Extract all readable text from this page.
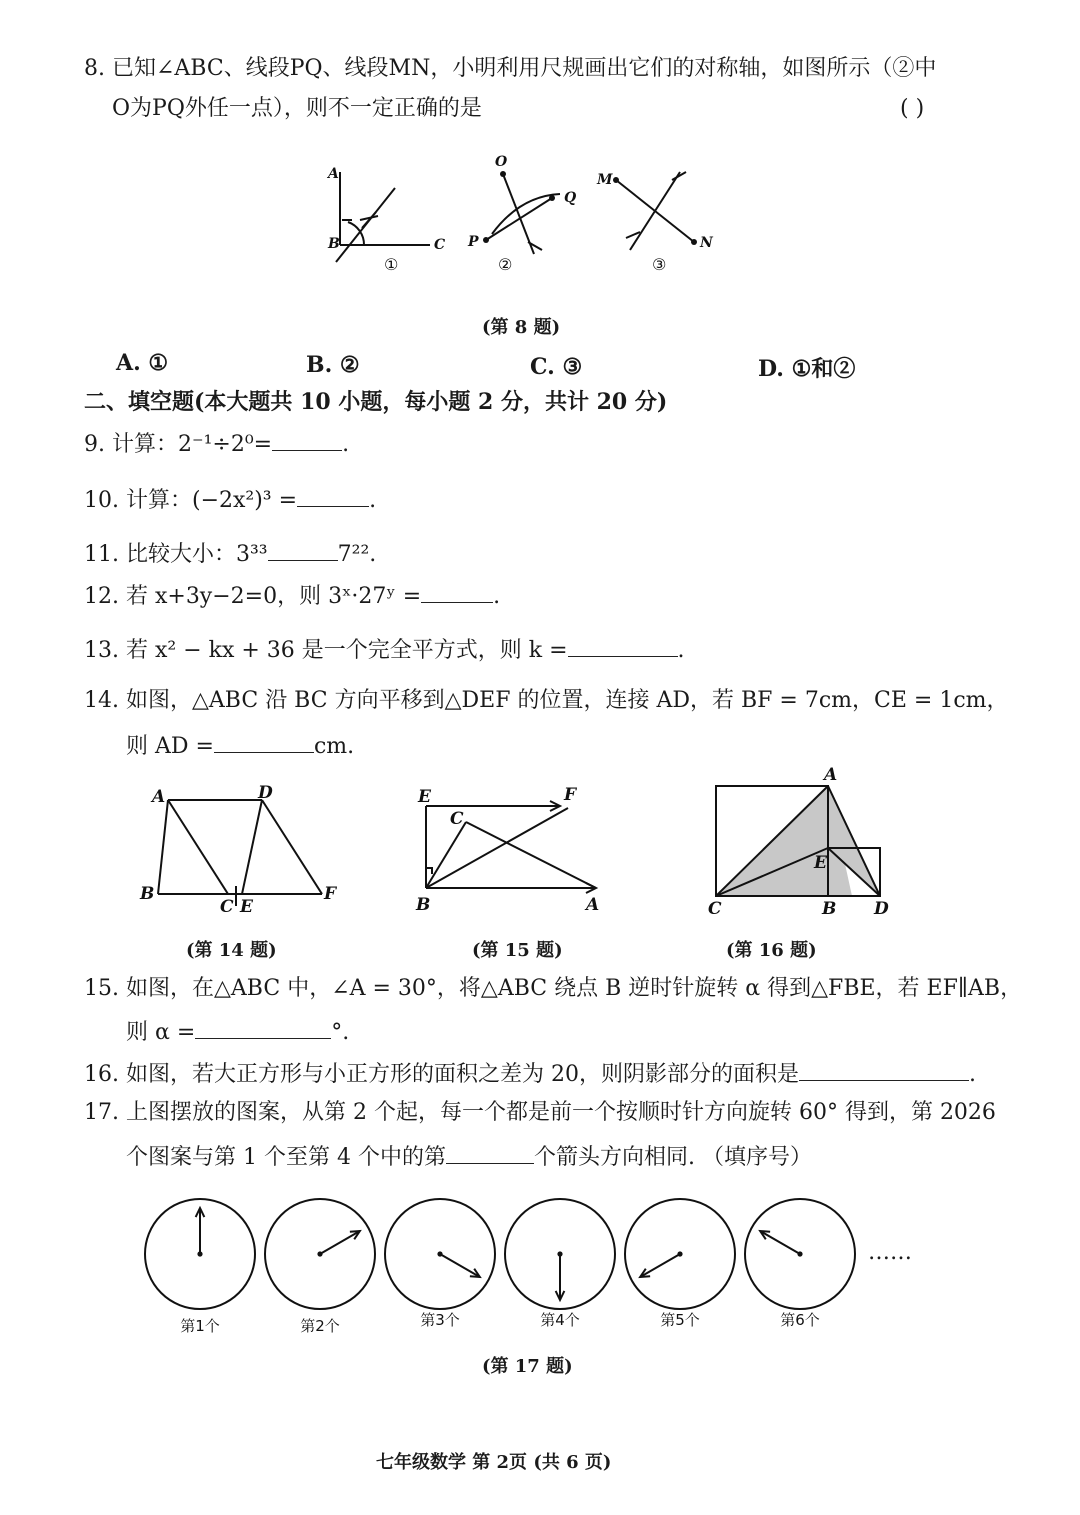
8. 已知∠ABC、线段PQ、线段MN，小明利用尺规画出它们的对称轴，如图所示（②中
O为PQ外任一点），则不一定正确的是	( )
A
B	C
①
O
P
Q
②
M
N
③
(第 8 题)
A. ①	B. ②	C. ③	D. ①和②
二、填空题(本大题共 10 小题，每小题 2 分，共计 20 分)
9. 计算：2⁻¹÷2⁰=	.
10. 计算：(−2x²)³ =	.
11. 比较大小：3³³	7²².
12. 若 x+3y−2=0，则 3ˣ·27ʸ =	.
13. 若 x² − kx + 36 是一个完全平方式，则 k =	.
14. 如图，△ABC 沿 BC 方向平移到△DEF 的位置，连接 AD，若 BF = 7cm，CE = 1cm，
则 AD =	cm.
A	D
B
C E
F
(第 14 题)
E	F
C
B	A
(第 15 题)
A
E
C	B D
(第 16 题)
15. 如图，在△ABC 中，∠A = 30°，将△ABC 绕点 B 逆时针旋转 α 得到△FBE，若 EF∥AB，
则 α =	°.
16. 如图，若大正方形与小正方形的面积之差为 20，则阴影部分的面积是	.
17. 上图摆放的图案，从第 2 个起，每一个都是前一个按顺时针方向旋转 60° 得到，第 2026
个图案与第 1 个至第 4 个中的第	个箭头方向相同. （填序号）
第1个	第2个	第3个	第4个	第5个	第6个
……
(第 17 题)
七年级数学 第 2页 (共 6 页)
